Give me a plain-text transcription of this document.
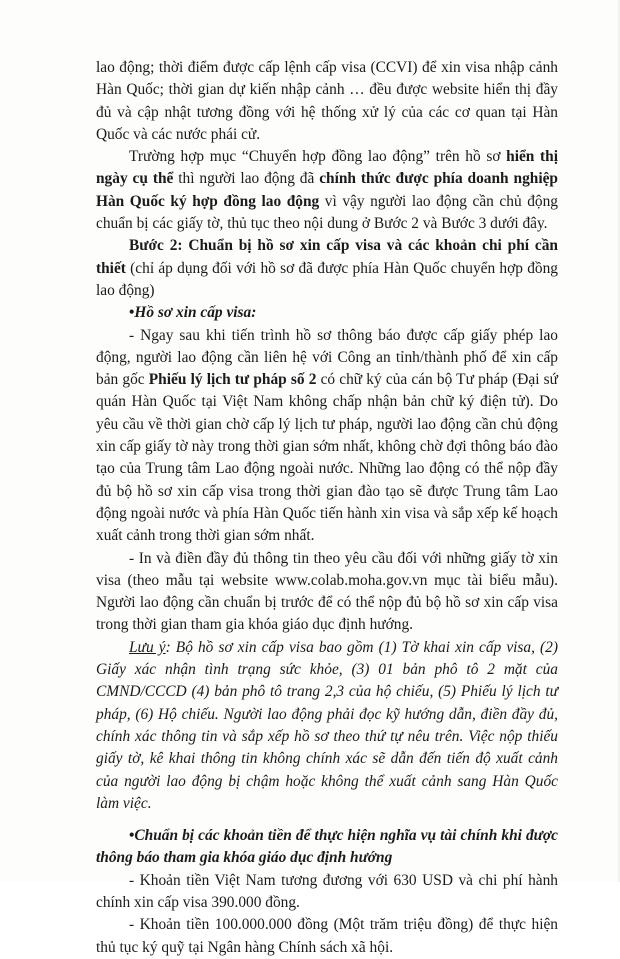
lao động; thời điểm được cấp lệnh cấp visa (CCVI) để xin visa nhập cảnh Hàn Quốc; thời gian dự kiến nhập cảnh … đều được website hiển thị đầy đủ và cập nhật tương đồng với hệ thống xử lý của các cơ quan tại Hàn Quốc và các nước phái cử.

Trường hợp mục “Chuyển hợp đồng lao động” trên hồ sơ hiển thị ngày cụ thể thì người lao động đã chính thức được phía doanh nghiệp Hàn Quốc ký hợp đồng lao động vì vậy người lao động cần chủ động chuẩn bị các giấy tờ, thủ tục theo nội dung ở Bước 2 và Bước 3 dưới đây.

Bước 2: Chuẩn bị hồ sơ xin cấp visa và các khoản chi phí cần thiết (chỉ áp dụng đối với hồ sơ đã được phía Hàn Quốc chuyển hợp đồng lao động)

•Hồ sơ xin cấp visa:

- Ngay sau khi tiến trình hồ sơ thông báo được cấp giấy phép lao động, người lao động cần liên hệ với Công an tỉnh/thành phố để xin cấp bản gốc Phiếu lý lịch tư pháp số 2 có chữ ký của cán bộ Tư pháp (Đại sứ quán Hàn Quốc tại Việt Nam không chấp nhận bản chữ ký điện tử). Do yêu cầu về thời gian chờ cấp lý lịch tư pháp, người lao động cần chủ động xin cấp giấy tờ này trong thời gian sớm nhất, không chờ đợi thông báo đào tạo của Trung tâm Lao động ngoài nước. Những lao động có thể nộp đầy đủ bộ hồ sơ xin cấp visa trong thời gian đào tạo sẽ được Trung tâm Lao động ngoài nước và phía Hàn Quốc tiến hành xin visa và sắp xếp kế hoạch xuất cảnh trong thời gian sớm nhất.

- In và điền đầy đủ thông tin theo yêu cầu đối với những giấy tờ xin visa (theo mẫu tại website www.colab.moha.gov.vn mục tài biểu mẫu). Người lao động cần chuẩn bị trước để có thể nộp đủ bộ hồ sơ xin cấp visa trong thời gian tham gia khóa giáo dục định hướng.

Lưu ý: Bộ hồ sơ xin cấp visa bao gồm (1) Tờ khai xin cấp visa, (2) Giấy xác nhận tình trạng sức khỏe, (3) 01 bản phô tô 2 mặt của CMND/CCCD (4) bản phô tô trang 2,3 của hộ chiếu, (5) Phiếu lý lịch tư pháp, (6) Hộ chiếu. Người lao động phải đọc kỹ hướng dẫn, điền đầy đủ, chính xác thông tin và sắp xếp hồ sơ theo thứ tự nêu trên. Việc nộp thiếu giấy tờ, kê khai thông tin không chính xác sẽ dẫn đến tiến độ xuất cảnh của người lao động bị chậm hoặc không thể xuất cảnh sang Hàn Quốc làm việc.

•Chuẩn bị các khoản tiền để thực hiện nghĩa vụ tài chính khi được thông báo tham gia khóa giáo dục định hướng

- Khoản tiền Việt Nam tương đương với 630 USD và chi phí hành chính xin cấp visa 390.000 đồng.

- Khoản tiền 100.000.000 đồng (Một trăm triệu đồng) để thực hiện thủ tục ký quỹ tại Ngân hàng Chính sách xã hội.
